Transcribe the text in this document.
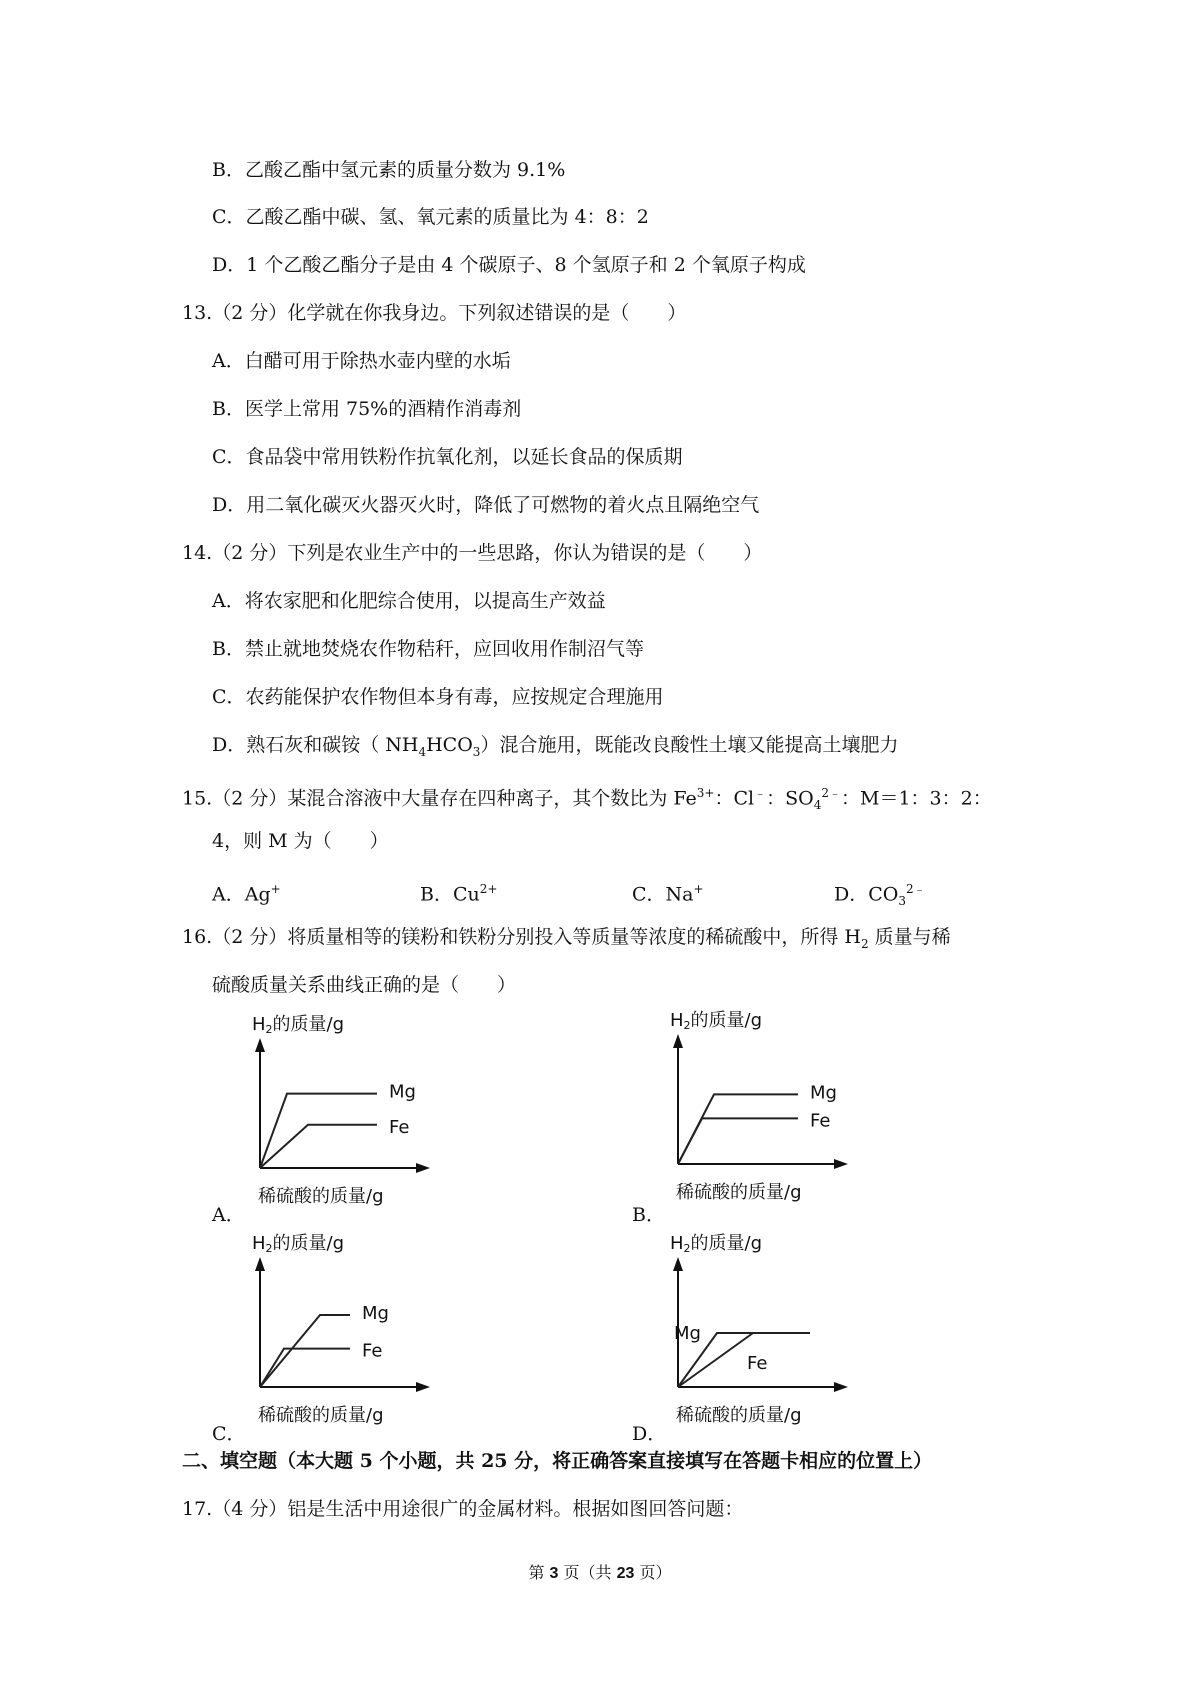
B．乙酸乙酯中氢元素的质量分数为 9.1%
C．乙酸乙酯中碳、氢、氧元素的质量比为 4：8：2
D．1 个乙酸乙酯分子是由 4 个碳原子、8 个氢原子和 2 个氧原子构成
13.（2 分）化学就在你我身边。下列叙述错误的是（　　）
A．白醋可用于除热水壶内壁的水垢
B．医学上常用 75%的酒精作消毒剂
C．食品袋中常用铁粉作抗氧化剂，以延长食品的保质期
D．用二氧化碳灭火器灭火时，降低了可燃物的着火点且隔绝空气
14.（2 分）下列是农业生产中的一些思路，你认为错误的是（　　）
A．将农家肥和化肥综合使用，以提高生产效益
B．禁止就地焚烧农作物秸秆，应回收用作制沼气等
C．农药能保护农作物但本身有毒，应按规定合理施用
D．熟石灰和碳铵（ $NH_4HCO_3$）混合施用，既能改良酸性土壤又能提高土壤肥力
15.（2 分）某混合溶液中大量存在四种离子，其个数比为 $Fe^{3+}$：Cl﹣：$SO_4^{2﹣}$：M＝1：3：2：
4，则 M 为（　　）
A．Ag+	B．$Cu^{2+}$	C．Na+	D．$CO_3^{2﹣}$
16.（2 分）将质量相等的镁粉和铁粉分别投入等质量等浓度的稀硫酸中，所得 $H_2$ 质量与稀
硫酸质量关系曲线正确的是（　　）
A．
H2的质量/g
稀硫酸的质量/g
Mg
Fe
B．
H2的质量/g
稀硫酸的质量/g
Mg
Fe
C．
H2的质量/g
稀硫酸的质量/g
Mg
Fe
D．
H2的质量/g
稀硫酸的质量/g
Mg
Fe
二、填空题（本大题 5 个小题，共 25 分，将正确答案直接填写在答题卡相应的位置上）
17.（4 分）铝是生活中用途很广的金属材料。根据如图回答问题：
第 3 页（共 23 页）
